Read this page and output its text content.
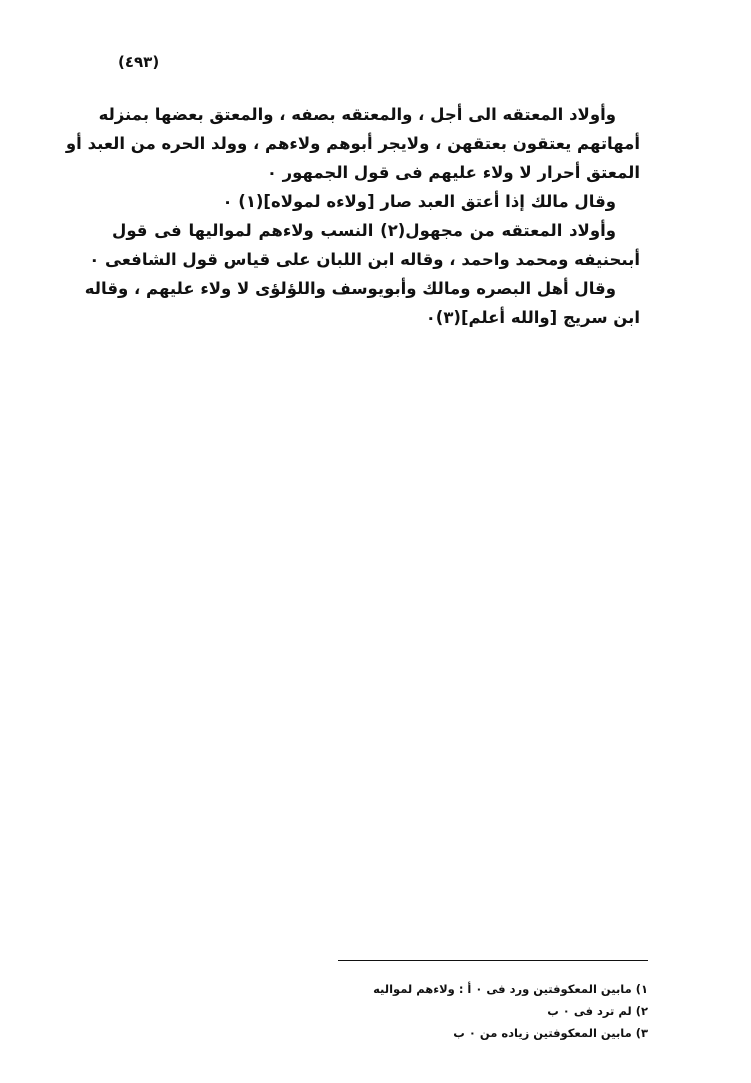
(٤٩٣)
وأولاد المعتقه الى أجل ، والمعتقه بصفه ، والمعتق بعضها بمنزله
أمهاتهم يعتقون بعتقهن ، ولايجر أبوهم ولاءهم ، وولد الحره من العبد أو
المعتق أحرار لا ولاء عليهم فى قول الجمهور ٠
وقال مالك إذا أعتق العبد صار [ولاءه لمولاه](١) ٠
وأولاد المعتقه من مجهول(٢) النسب ولاءهم لمواليها فى قول
أبىحنيفه ومحمد واحمد ، وقاله ابن اللبان على قياس قول الشافعى ٠
وقال أهل البصره ومالك وأبويوسف واللؤلؤى لا ولاء عليهم ، وقاله
ابن سريج [والله أعلم](٣)٠
١) مابين المعكوفتين ورد فى ٠ أ : ولاءهم لمواليه
٢) لم ترد فى ٠ ب
٣) مابين المعكوفتين زياده من ٠ ب
